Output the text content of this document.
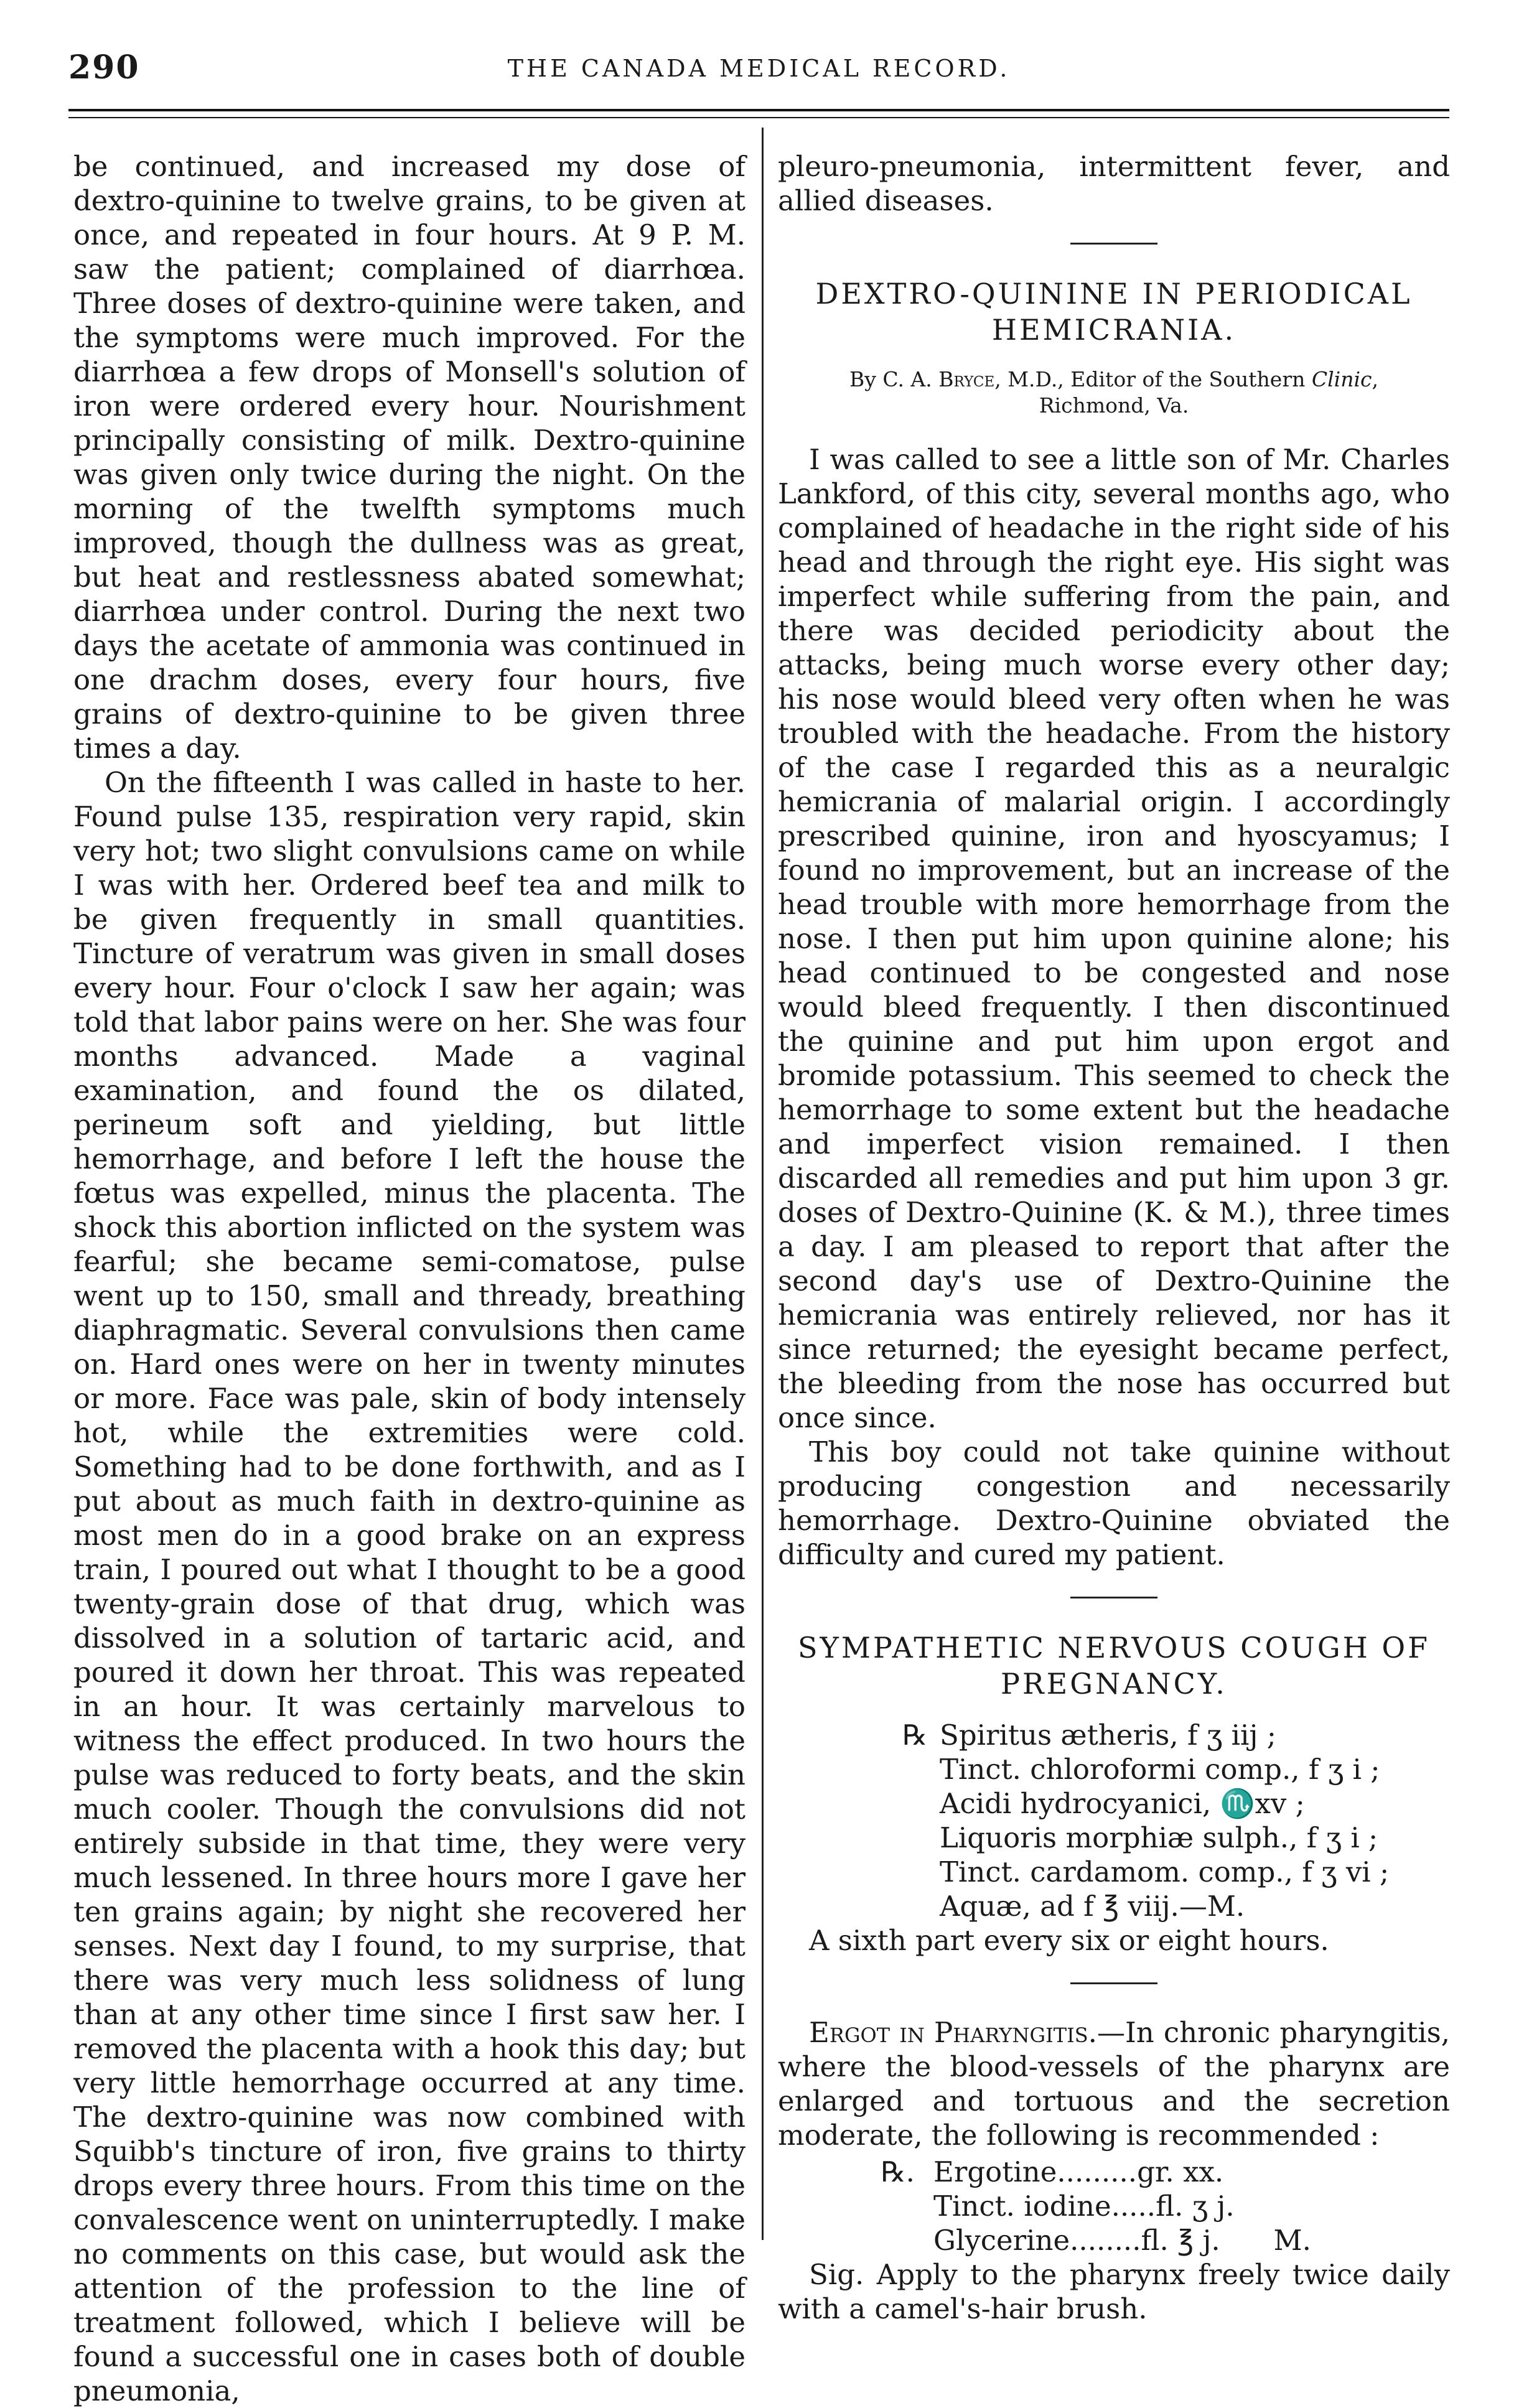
290	THE CANADA MEDICAL RECORD.

be continued, and increased my dose of dextro-quinine to twelve grains, to be given at once, and repeated in four hours. At 9 P. M. saw the patient; complained of diarrhœa. Three doses of dextro-quinine were taken, and the symptoms were much improved. For the diarrhœa a few drops of Monsell's solution of iron were ordered every hour. Nourishment principally consisting of milk. Dextro-quinine was given only twice during the night. On the morning of the twelfth symptoms much improved, though the dullness was as great, but heat and restlessness abated somewhat; diarrhœa under control. During the next two days the acetate of ammonia was continued in one drachm doses, every four hours, five grains of dextro-quinine to be given three times a day.

On the fifteenth I was called in haste to her. Found pulse 135, respiration very rapid, skin very hot; two slight convulsions came on while I was with her. Ordered beef tea and milk to be given frequently in small quantities. Tincture of veratrum was given in small doses every hour. Four o'clock I saw her again; was told that labor pains were on her. She was four months advanced. Made a vaginal examination, and found the os dilated, perineum soft and yielding, but little hemorrhage, and before I left the house the fœtus was expelled, minus the placenta. The shock this abortion inflicted on the system was fearful; she became semi-comatose, pulse went up to 150, small and thready, breathing diaphragmatic. Several convulsions then came on. Hard ones were on her in twenty minutes or more. Face was pale, skin of body intensely hot, while the extremities were cold. Something had to be done forthwith, and as I put about as much faith in dextro-quinine as most men do in a good brake on an express train, I poured out what I thought to be a good twenty-grain dose of that drug, which was dissolved in a solution of tartaric acid, and poured it down her throat. This was repeated in an hour. It was certainly marvelous to witness the effect produced. In two hours the pulse was reduced to forty beats, and the skin much cooler. Though the convulsions did not entirely subside in that time, they were very much lessened. In three hours more I gave her ten grains again; by night she recovered her senses. Next day I found, to my surprise, that there was very much less solidness of lung than at any other time since I first saw her. I removed the placenta with a hook this day; but very little hemorrhage occurred at any time. The dextro-quinine was now combined with Squibb's tincture of iron, five grains to thirty drops every three hours. From this time on the convalescence went on uninterruptedly. I make no comments on this case, but would ask the attention of the profession to the line of treatment followed, which I believe will be found a successful one in cases both of double pneumonia,

pleuro-pneumonia, intermittent fever, and allied diseases.

DEXTRO-QUININE IN PERIODICAL HEMICRANIA.
By C. A. Bryce, M.D., Editor of the Southern Clinic, Richmond, Va.

I was called to see a little son of Mr. Charles Lankford, of this city, several months ago, who complained of headache in the right side of his head and through the right eye. His sight was imperfect while suffering from the pain, and there was decided periodicity about the attacks, being much worse every other day; his nose would bleed very often when he was troubled with the headache. From the history of the case I regarded this as a neuralgic hemicrania of malarial origin. I accordingly prescribed quinine, iron and hyoscyamus; I found no improvement, but an increase of the head trouble with more hemorrhage from the nose. I then put him upon quinine alone; his head continued to be congested and nose would bleed frequently. I then discontinued the quinine and put him upon ergot and bromide potassium. This seemed to check the hemorrhage to some extent but the headache and imperfect vision remained. I then discarded all remedies and put him upon 3 gr. doses of Dextro-Quinine (K. & M.), three times a day. I am pleased to report that after the second day's use of Dextro-Quinine the hemicrania was entirely relieved, nor has it since returned; the eyesight became perfect, the bleeding from the nose has occurred but once since.

This boy could not take quinine without producing congestion and necessarily hemorrhage. Dextro-Quinine obviated the difficulty and cured my patient.

SYMPATHETIC NERVOUS COUGH OF PREGNANCY.
℞ Spiritus ætheris, f ʒ iij ;
Tinct. chloroformi comp., f ʒ i ;
Acidi hydrocyanici, ♏xv ;
Liquoris morphiæ sulph., f ʒ i ;
Tinct. cardamom. comp., f ʒ vi ;
Aquæ, ad f ℥ viij.—M.

A sixth part every six or eight hours.

Ergot in Pharyngitis.—In chronic pharyngitis, where the blood-vessels of the pharynx are enlarged and tortuous and the secretion moderate, the following is recommended :

℞. Ergotine.........gr. xx.
Tinct. iodine.....fl. ʒ j.
Glycerine........fl. ℥ j.      M.

Sig. Apply to the pharynx freely twice daily with a camel's-hair brush.
